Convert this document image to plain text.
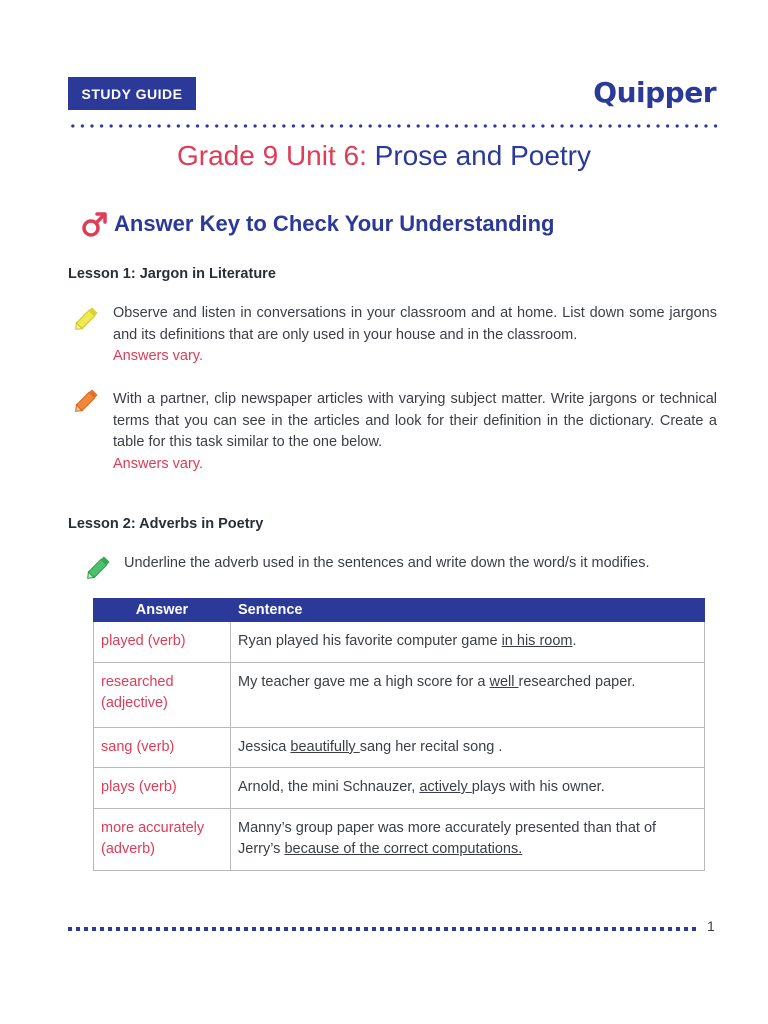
STUDY GUIDE	Quipper
Grade 9 Unit 6: Prose and Poetry
Answer Key to Check Your Understanding
Lesson 1: Jargon in Literature
Observe and listen in conversations in your classroom and at home. List down some jargons and its definitions that are only used in your house and in the classroom.
Answers vary.
With a partner, clip newspaper articles with varying subject matter. Write jargons or technical terms that you can see in the articles and look for their definition in the dictionary. Create a table for this task similar to the one below.
Answers vary.
Lesson 2: Adverbs in Poetry
Underline the adverb used in the sentences and write down the word/s it modifies.
Answer	Sentence
played (verb)	Ryan played his favorite computer game in his room.
researched (adjective)	My teacher gave me a high score for a well researched paper.
sang (verb)	Jessica beautifully sang her recital song .
plays (verb)	Arnold, the mini Schnauzer, actively plays with his owner.
more accurately (adverb)	Manny’s group paper was more accurately presented than that of Jerry’s because of the correct computations.
1
